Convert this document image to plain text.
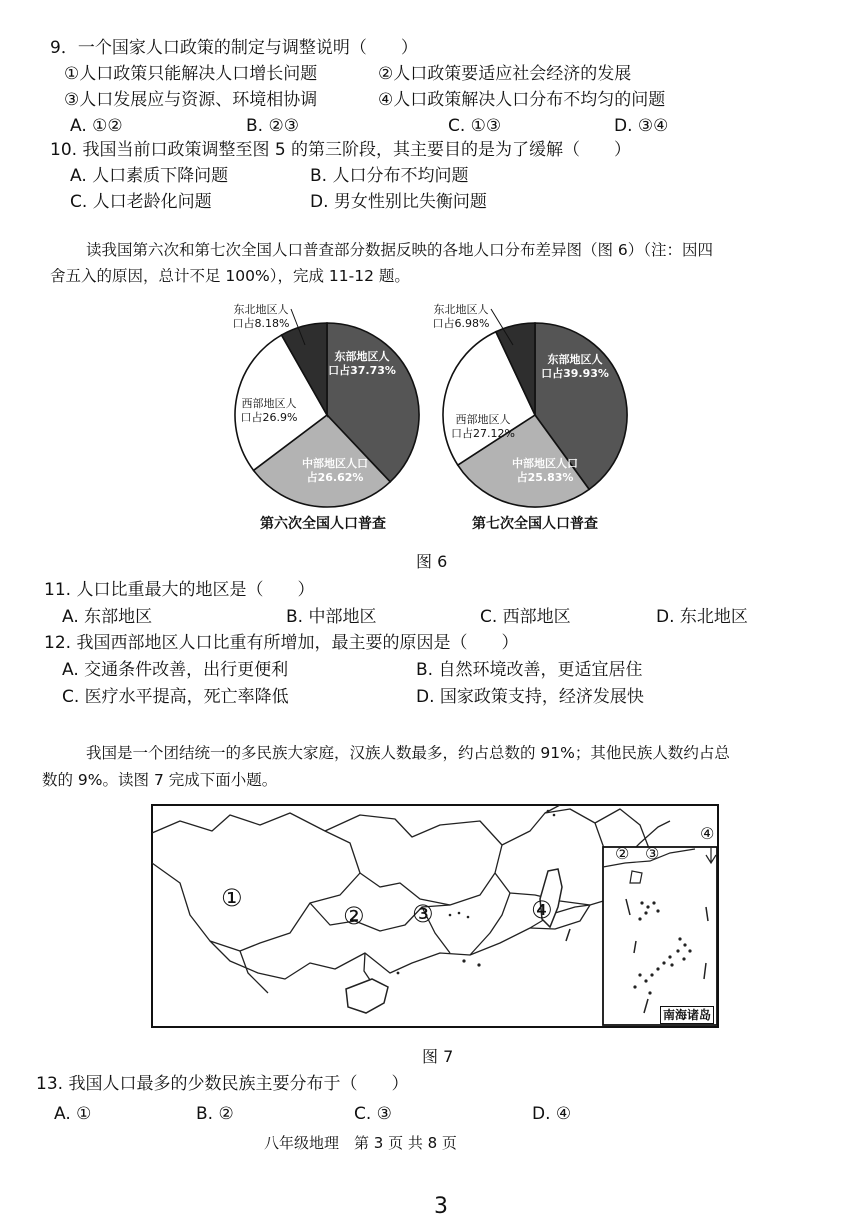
9．一个国家人口政策的制定与调整说明（　　）
①人口政策只能解决人口增长问题	②人口政策要适应社会经济的发展
③人口发展应与资源、环境相协调	④人口政策解决人口分布不均匀的问题
A. ①②	B. ②③	C. ①③	D. ③④
10. 我国当前口政策调整至图 5 的第三阶段，其主要目的是为了缓解（　　）
A. 人口素质下降问题	B. 人口分布不均问题
C. 人口老龄化问题	D. 男女性别比失衡问题
读我国第六次和第七次全国人口普查部分数据反映的各地人口分布差异图（图 6）（注：因四
舍五入的原因，总计不足 100%），完成 11-12 题。
东部地区人口占37.73%
中部地区人口占26.62%
西部地区人口占26.9%
东北地区人口占8.18%
东部地区人口占39.93%
中部地区人口占25.83%
西部地区人口占27.12%
东北地区人口占6.98%
第六次全国人口普查	第七次全国人口普查
图 6
11. 人口比重最大的地区是（　　）
A. 东部地区	B. 中部地区	C. 西部地区	D. 东北地区
12. 我国西部地区人口比重有所增加，最主要的原因是（　　）
A. 交通条件改善，出行更便利	B. 自然环境改善，更适宜居住
C. 医疗水平提高，死亡率降低	D. 国家政策支持，经济发展快
我国是一个团结统一的多民族大家庭，汉族人数最多，约占总数的 91%；其他民族人数约占总
数的 9%。读图 7 完成下面小题。
①
② ③	④
② ③
④
南海诸岛
图 7
13. 我国人口最多的少数民族主要分布于（　　）
A. ①	B. ②	C. ③	D. ④
八年级地理　第 3 页 共 8 页
3
